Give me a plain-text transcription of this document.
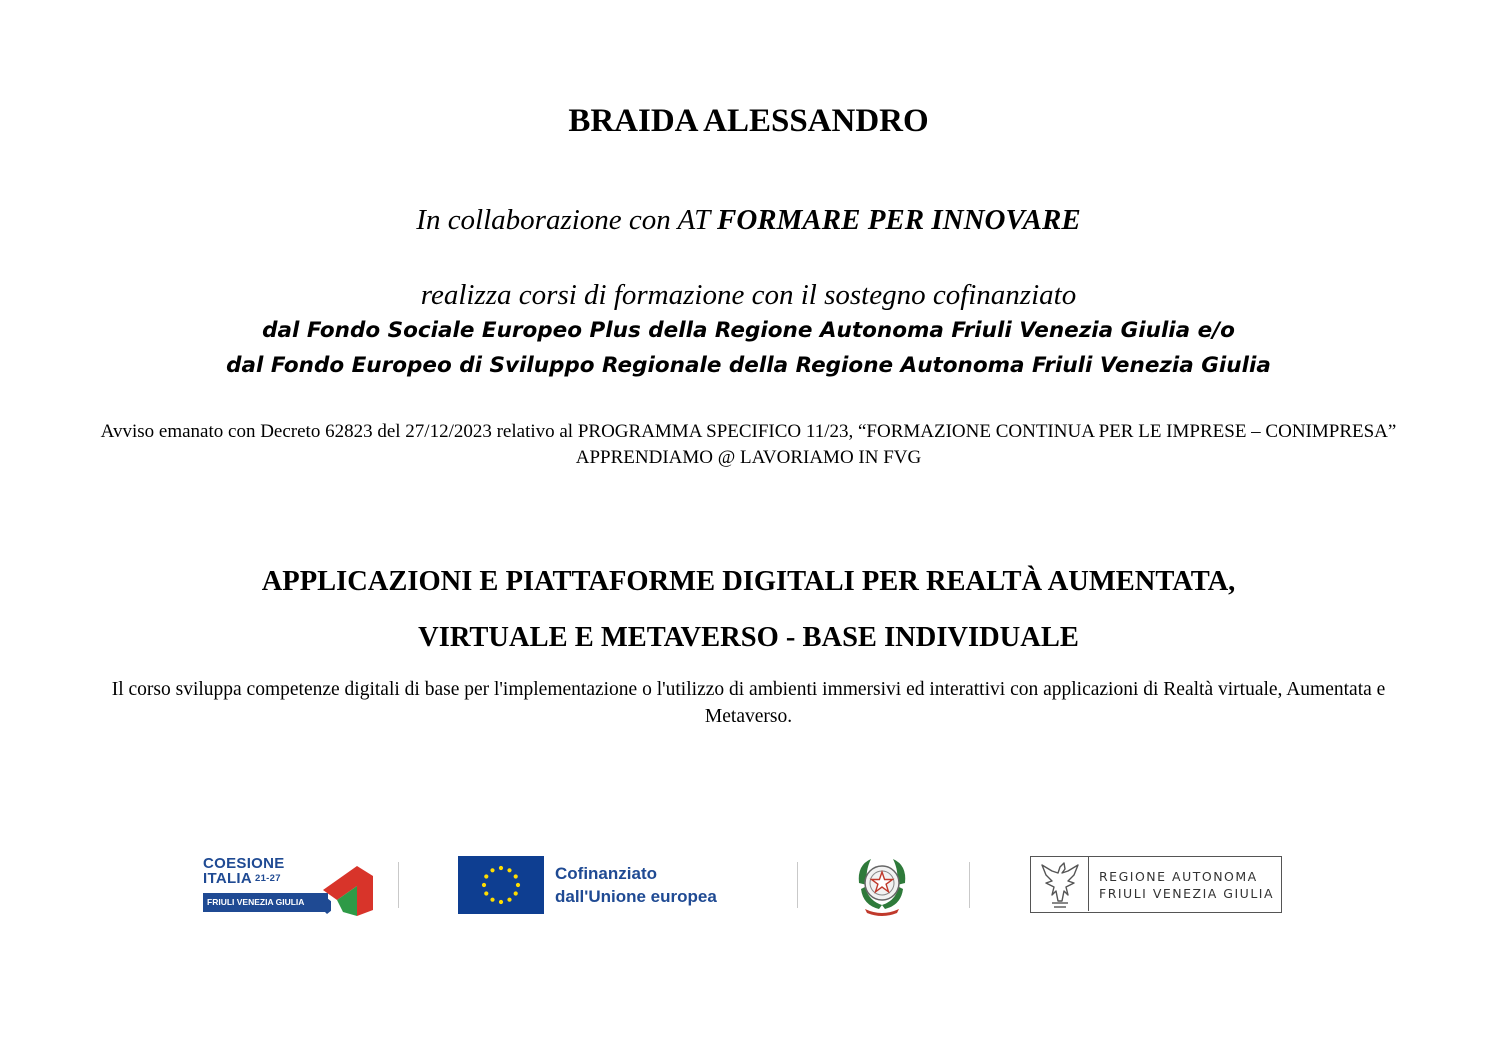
BRAIDA ALESSANDRO
In collaborazione con AT FORMARE PER INNOVARE
realizza corsi di formazione con il sostegno cofinanziato
dal Fondo Sociale Europeo Plus della Regione Autonoma Friuli Venezia Giulia e/o
dal Fondo Europeo di Sviluppo Regionale della Regione Autonoma Friuli Venezia Giulia
Avviso emanato con Decreto 62823 del 27/12/2023 relativo al PROGRAMMA SPECIFICO 11/23, “FORMAZIONE CONTINUA PER LE IMPRESE – CONIMPRESA” APPRENDIAMO @ LAVORIAMO IN FVG
APPLICAZIONI E PIATTAFORME DIGITALI PER REALTÀ AUMENTATA,
VIRTUALE E METAVERSO - BASE INDIVIDUALE
Il corso sviluppa competenze digitali di base per l'implementazione o l'utilizzo di ambienti immersivi ed interattivi con applicazioni di Realtà virtuale, Aumentata e Metaverso.
COESIONE
ITALIA 21-27
FRIULI VENEZIA GIULIA
Cofinanziato
dall'Unione europea
REGIONE AUTONOMA
FRIULI VENEZIA GIULIA
